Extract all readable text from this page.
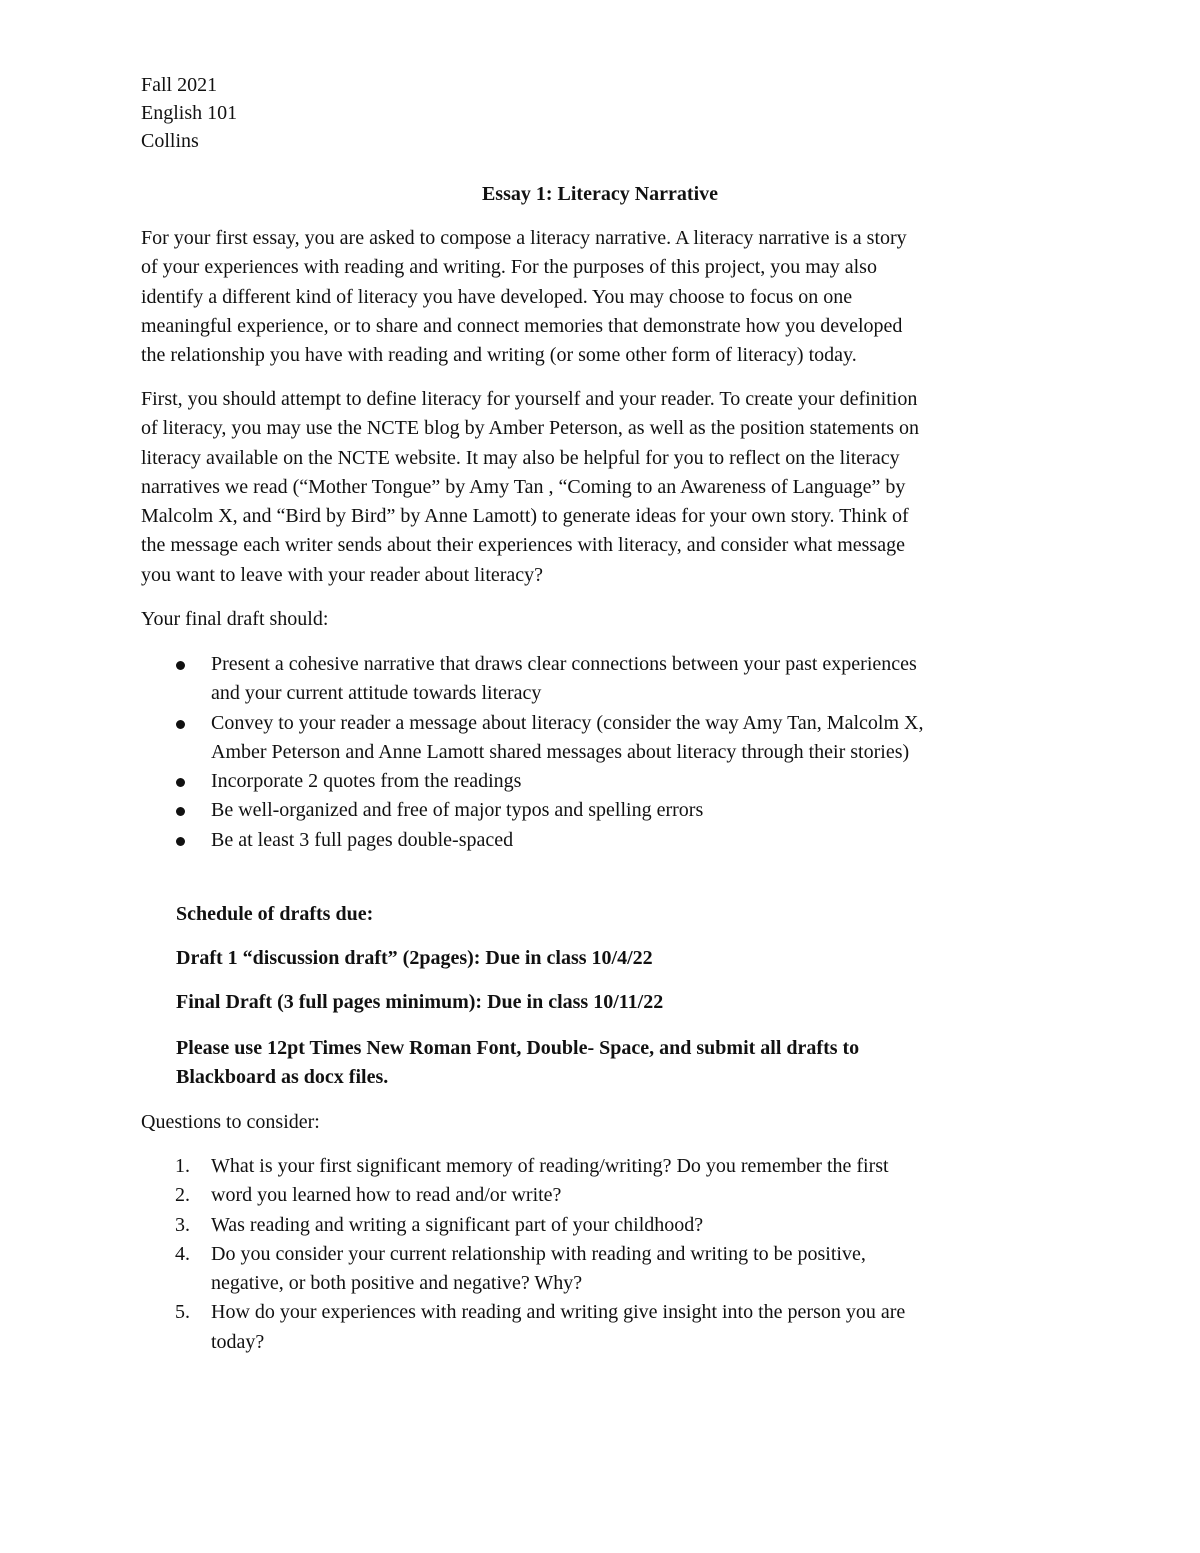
Fall 2021

English 101

Collins

Essay 1: Literacy Narrative

For your first essay, you are asked to compose a literacy narrative. A literacy narrative is a story
of your experiences with reading and writing. For the purposes of this project, you may also
identify a different kind of literacy you have developed. You may choose to focus on one
meaningful experience, or to share and connect memories that demonstrate how you developed
the relationship you have with reading and writing (or some other form of literacy) today.

First, you should attempt to define literacy for yourself and your reader. To create your definition
of literacy, you may use the NCTE blog by Amber Peterson, as well as the position statements on
literacy available on the NCTE website. It may also be helpful for you to reflect on the literacy
narratives we read (“Mother Tongue” by Amy Tan , “Coming to an Awareness of Language” by
Malcolm X, and “Bird by Bird” by Anne Lamott) to generate ideas for your own story. Think of
the message each writer sends about their experiences with literacy, and consider what message
you want to leave with your reader about literacy?

Your final draft should:

Present a cohesive narrative that draws clear connections between your past experiences
and your current attitude towards literacy
Convey to your reader a message about literacy (consider the way Amy Tan, Malcolm X,
Amber Peterson and Anne Lamott shared messages about literacy through their stories)
Incorporate 2 quotes from the readings
Be well-organized and free of major typos and spelling errors
Be at least 3 full pages double-spaced

Schedule of drafts due:

Draft 1 “discussion draft” (2pages): Due in class 10/4/22

Final Draft (3 full pages minimum): Due in class 10/11/22

Please use 12pt Times New Roman Font, Double- Space, and submit all drafts to
Blackboard as docx files.

Questions to consider:

1. What is your first significant memory of reading/writing? Do you remember the first
2. word you learned how to read and/or write?
3. Was reading and writing a significant part of your childhood?
4. Do you consider your current relationship with reading and writing to be positive,
negative, or both positive and negative? Why?
5. How do your experiences with reading and writing give insight into the person you are
today?
